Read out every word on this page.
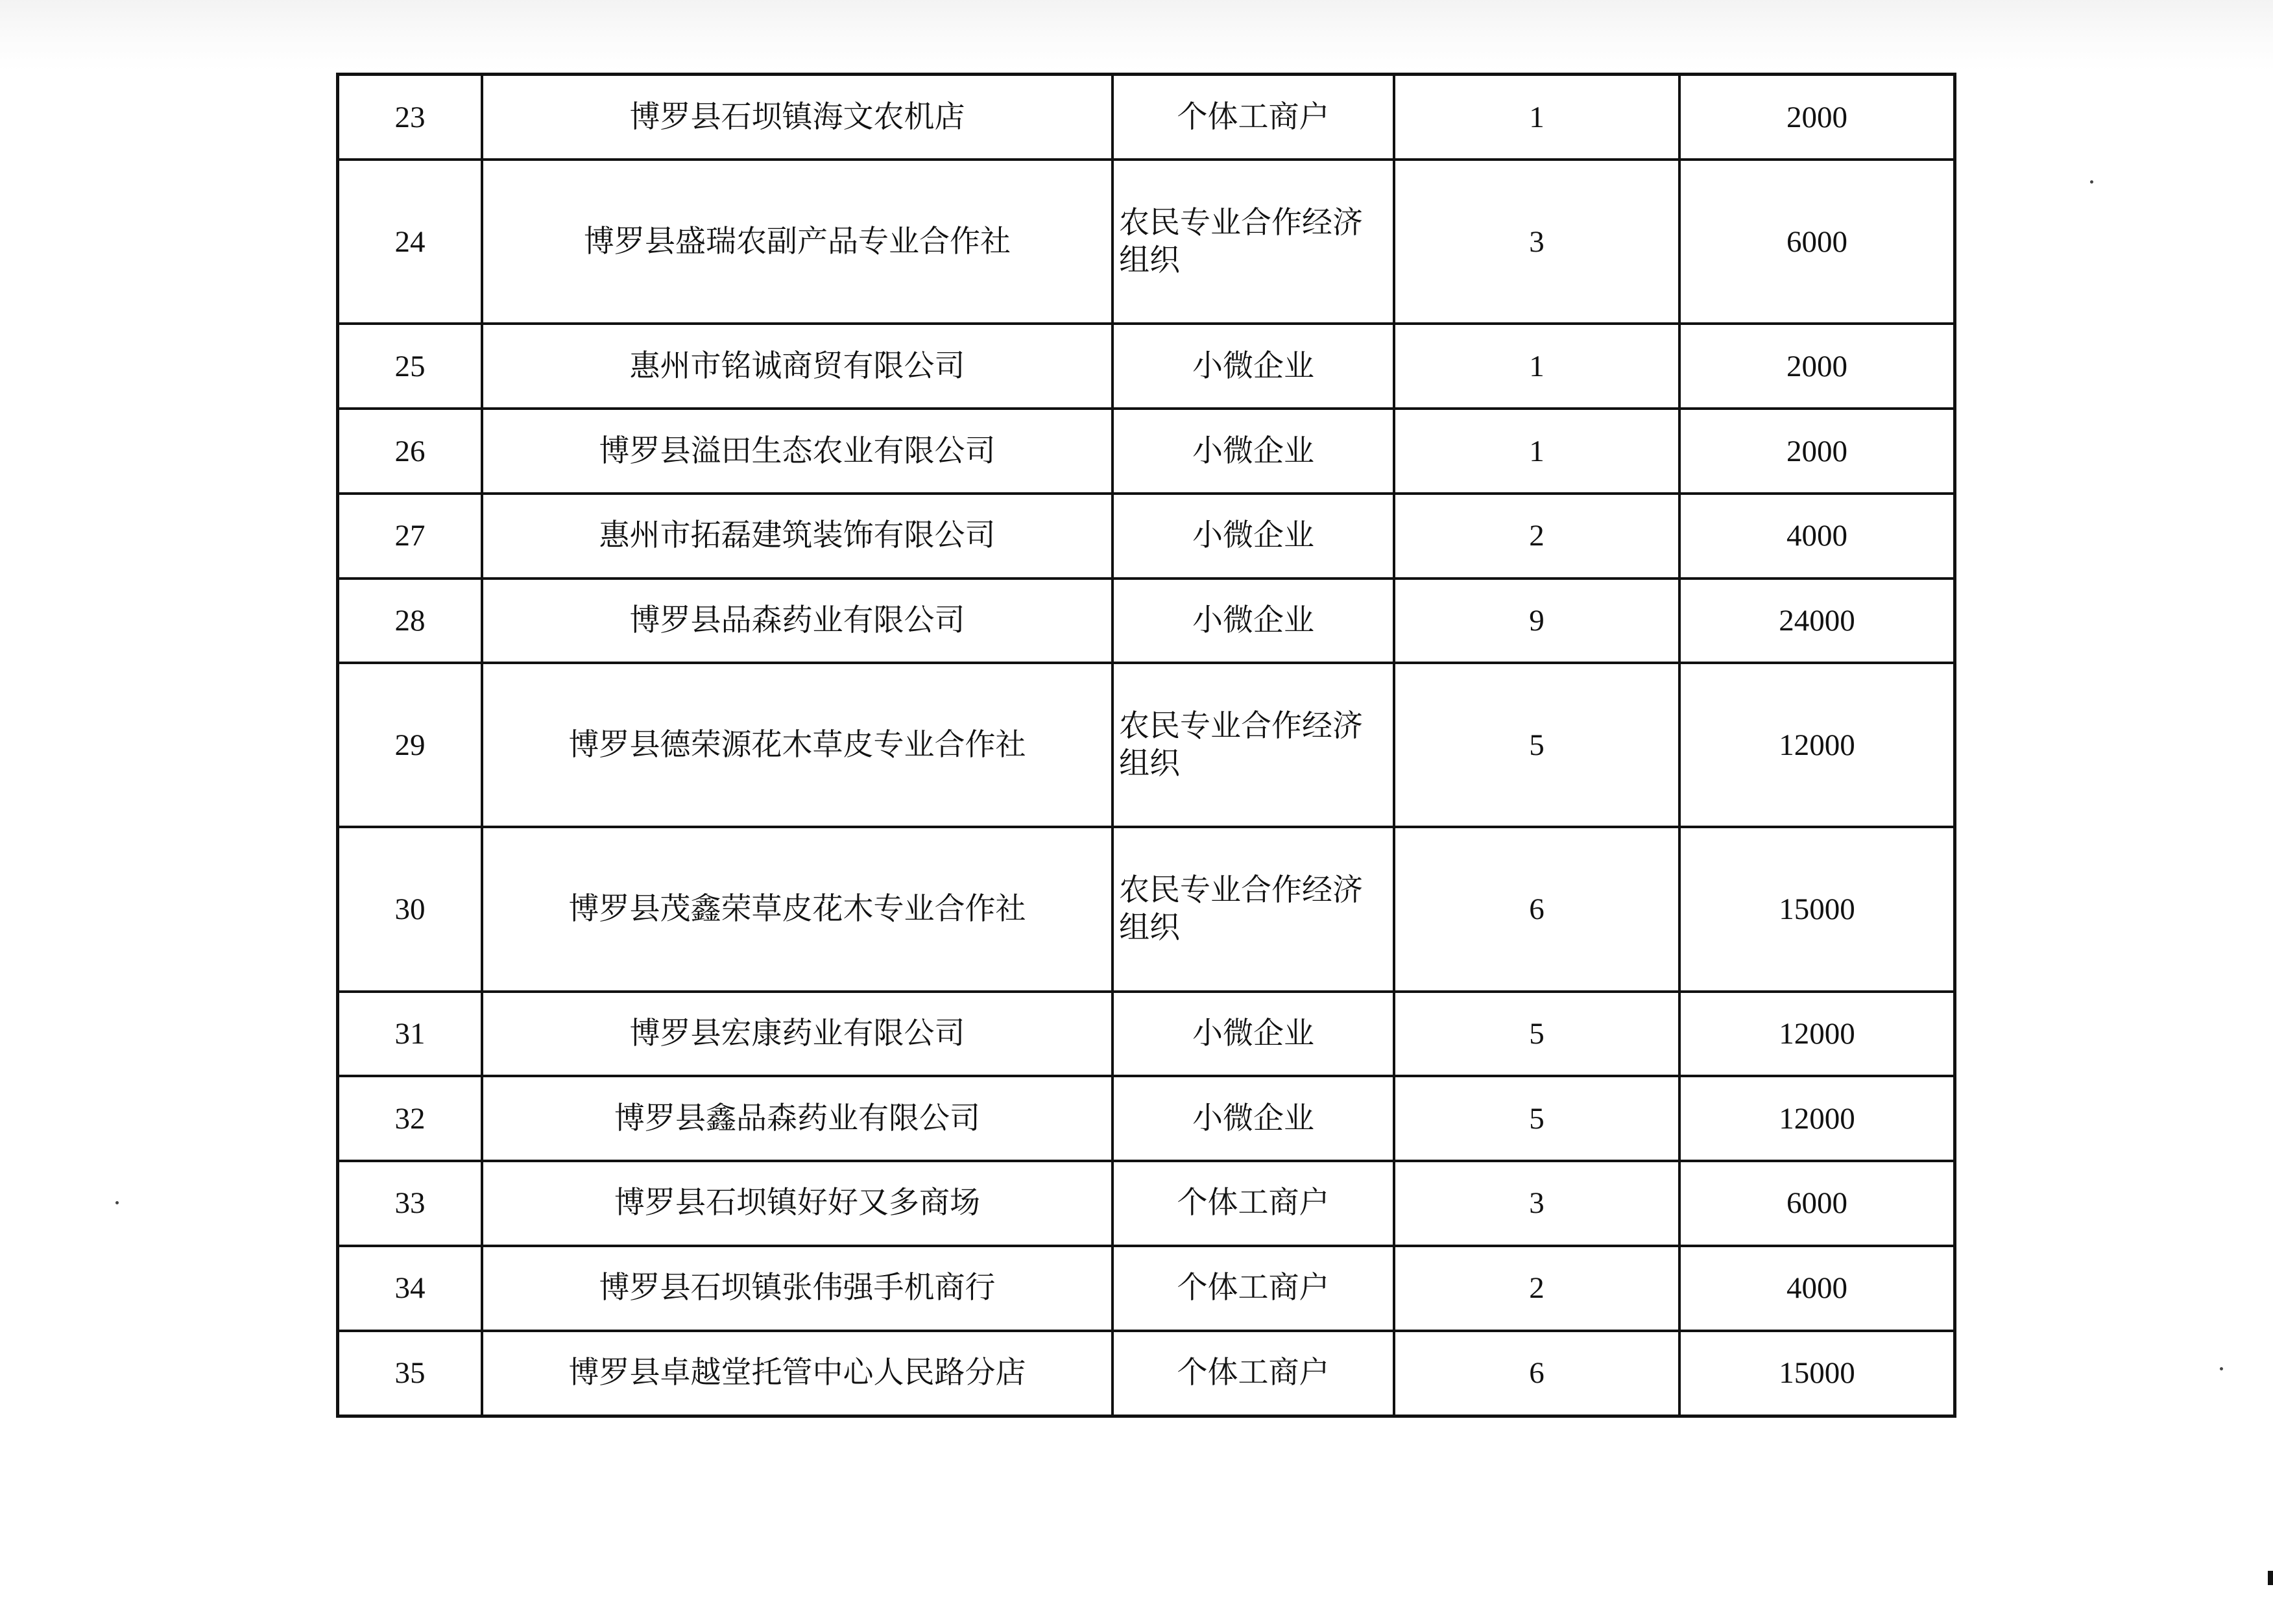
23	博罗县石坝镇海文农机店	个体工商户	1	2000
24	博罗县盛瑞农副产品专业合作社	农民专业合作经济组织	3	6000
25	惠州市铭诚商贸有限公司	小微企业	1	2000
26	博罗县溢田生态农业有限公司	小微企业	1	2000
27	惠州市拓磊建筑装饰有限公司	小微企业	2	4000
28	博罗县品森药业有限公司	小微企业	9	24000
29	博罗县德荣源花木草皮专业合作社	农民专业合作经济组织	5	12000
30	博罗县茂鑫荣草皮花木专业合作社	农民专业合作经济组织	6	15000
31	博罗县宏康药业有限公司	小微企业	5	12000
32	博罗县鑫品森药业有限公司	小微企业	5	12000
33	博罗县石坝镇好好又多商场	个体工商户	3	6000
34	博罗县石坝镇张伟强手机商行	个体工商户	2	4000
35	博罗县卓越堂托管中心人民路分店	个体工商户	6	15000
